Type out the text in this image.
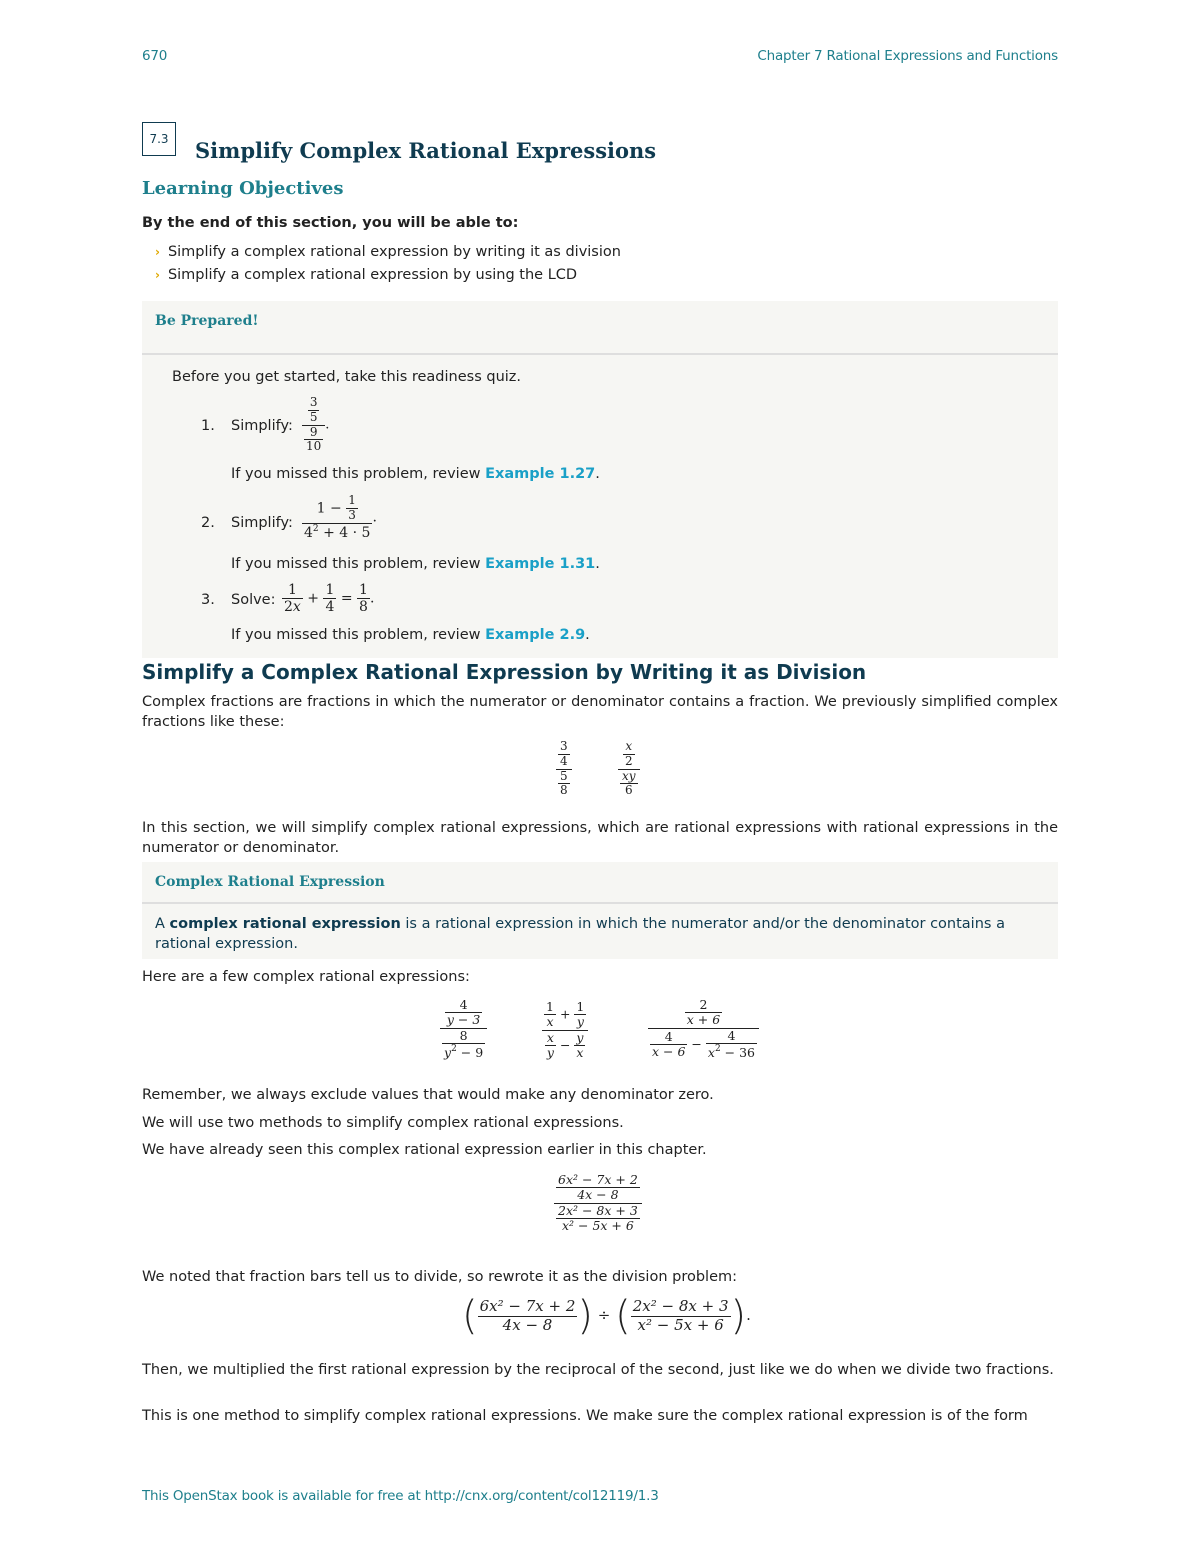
670	Chapter 7 Rational Expressions and Functions
7.3	Simplify Complex Rational Expressions
Learning Objectives
By the end of this section, you will be able to:
› Simplify a complex rational expression by writing it as division
› Simplify a complex rational expression by using the LCD
Be Prepared!
Before you get started, take this readiness quiz.
1. Simplify: $\frac{\frac{3}{5}}{\frac{9}{10}}$ .
If you missed this problem, review Example 1.27.
2. Simplify: $\frac{1 - \frac{1}{3}}{4^2 + 4 \cdot 5}$ .
If you missed this problem, review Example 1.31.
3. Solve: $\frac{1}{2x} + \frac{1}{4} = \frac{1}{8}$ .
If you missed this problem, review Example 2.9.
Simplify a Complex Rational Expression by Writing it as Division
Complex fractions are fractions in which the numerator or denominator contains a fraction. We previously simplified complex fractions like these:
$\frac{\frac{3}{4}}{\frac{5}{8}}$	$\frac{\frac{x}{2}}{\frac{xy}{6}}$
In this section, we will simplify complex rational expressions, which are rational expressions with rational expressions in the numerator or denominator.
Complex Rational Expression
A complex rational expression is a rational expression in which the numerator and/or the denominator contains a rational expression.
Here are a few complex rational expressions:
$\frac{\frac{4}{y - 3}}{\frac{8}{y^2 - 9}}$	$\frac{\frac{1}{x} + \frac{1}{y}}{\frac{x}{y} - \frac{y}{x}}$	$\frac{\frac{2}{x + 6}}{\frac{4}{x - 6} - \frac{4}{x^2 - 36}}$
Remember, we always exclude values that would make any denominator zero.
We will use two methods to simplify complex rational expressions.
We have already seen this complex rational expression earlier in this chapter.
$\frac{\frac{\text{6x² − 7x + 2}}{4x - 8}}{\frac{\text{2x² − 8x + 3}}{\text{x² − 5x + 6}}}$
We noted that fraction bars tell us to divide, so rewrote it as the division problem:
( $\frac{\text{6x² − 7x + 2}}{4x - 8}$ ) ÷ ( $\frac{\text{2x² − 8x + 3}}{\text{x² − 5x + 6}}$ ).
Then, we multiplied the first rational expression by the reciprocal of the second, just like we do when we divide two fractions.
This is one method to simplify complex rational expressions. We make sure the complex rational expression is of the form
This OpenStax book is available for free at http://cnx.org/content/col12119/1.3
